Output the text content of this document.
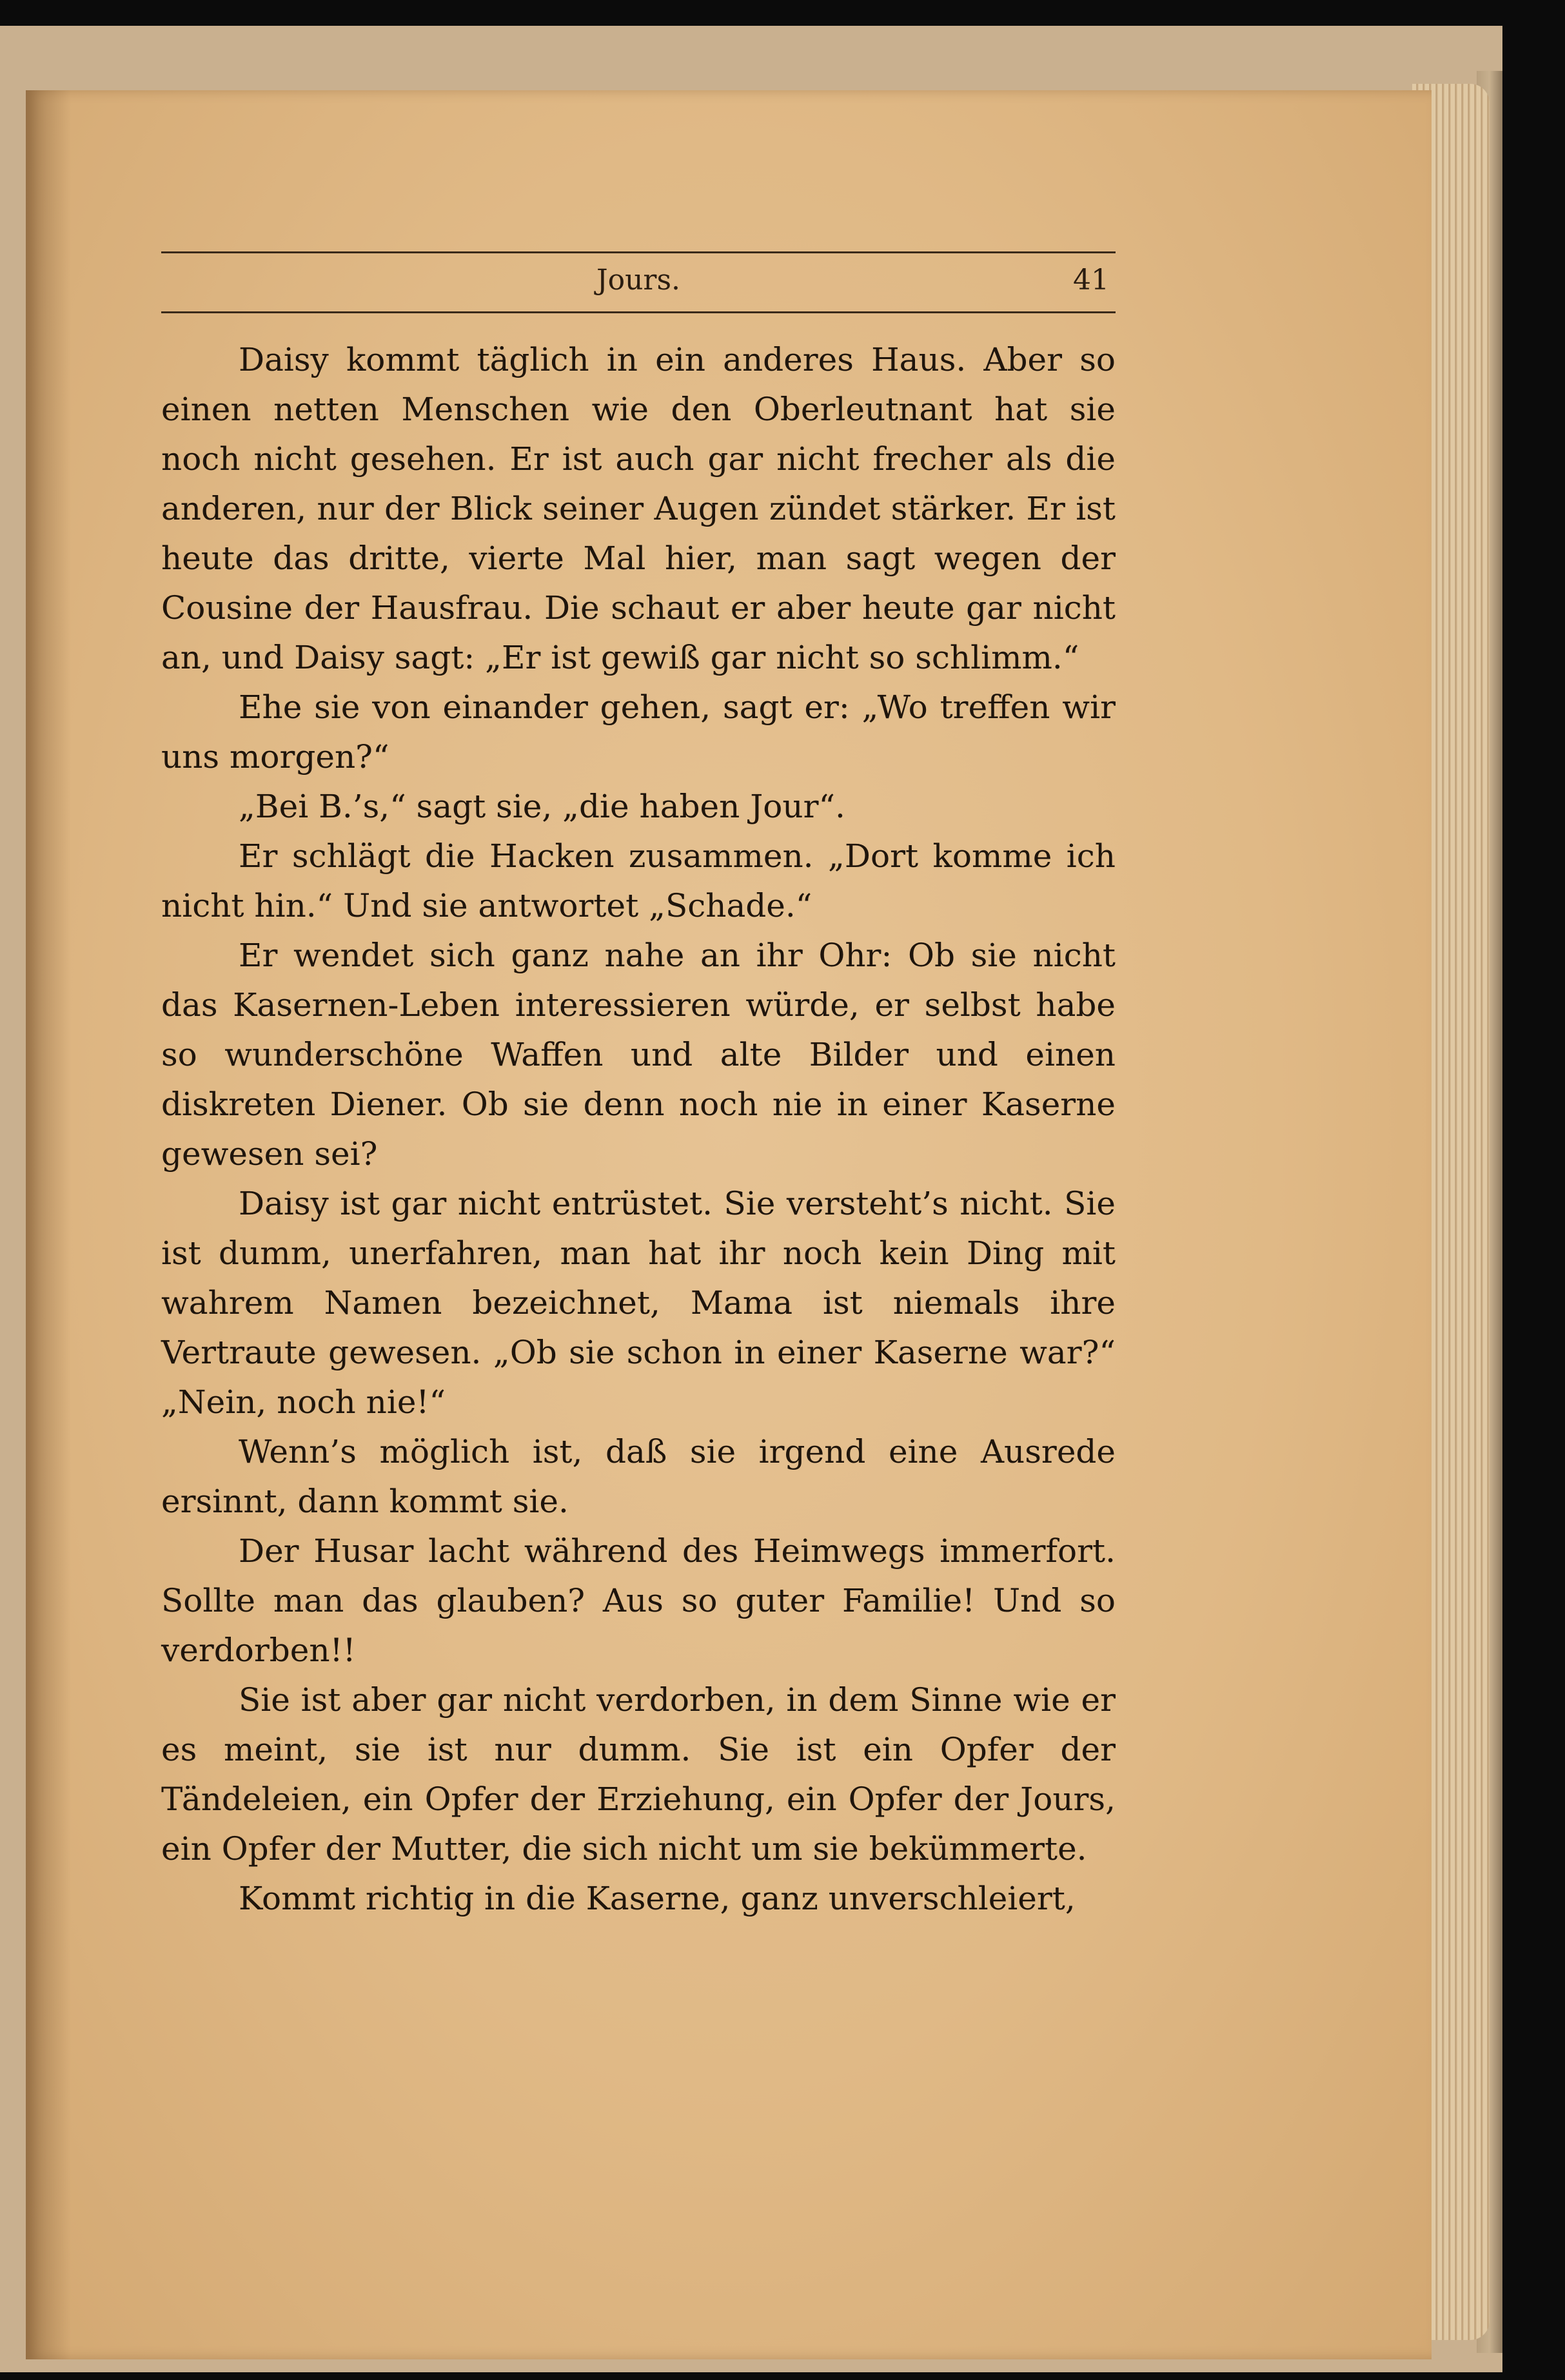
Jours.	41

Daisy kommt täglich in ein anderes Haus. Aber so einen netten Menschen wie den Oberleutnant hat sie noch nicht gesehen. Er ist auch gar nicht frecher als die anderen, nur der Blick seiner Augen zündet stärker. Er ist heute das dritte, vierte Mal hier, man sagt wegen der Cousine der Hausfrau. Die schaut er aber heute gar nicht an, und Daisy sagt: „Er ist gewiß gar nicht so schlimm.“

Ehe sie von einander gehen, sagt er: „Wo treffen wir uns morgen?“

„Bei B.’s,“ sagt sie, „die haben Jour“.

Er schlägt die Hacken zusammen. „Dort komme ich nicht hin.“ Und sie antwortet „Schade.“

Er wendet sich ganz nahe an ihr Ohr: Ob sie nicht das Kasernen-Leben interessieren würde, er selbst habe so wunderschöne Waffen und alte Bilder und einen diskreten Diener. Ob sie denn noch nie in einer Kaserne gewesen sei?

Daisy ist gar nicht entrüstet. Sie versteht’s nicht. Sie ist dumm, unerfahren, man hat ihr noch kein Ding mit wahrem Namen bezeichnet, Mama ist niemals ihre Vertraute gewesen. „Ob sie schon in einer Kaserne war?“ „Nein, noch nie!“

Wenn’s möglich ist, daß sie irgend eine Ausrede ersinnt, dann kommt sie.

Der Husar lacht während des Heimwegs immerfort. Sollte man das glauben? Aus so guter Familie! Und so verdorben!!

Sie ist aber gar nicht verdorben, in dem Sinne wie er es meint, sie ist nur dumm. Sie ist ein Opfer der Tändeleien, ein Opfer der Erziehung, ein Opfer der Jours, ein Opfer der Mutter, die sich nicht um sie bekümmerte.

Kommt richtig in die Kaserne, ganz unverschleiert,
